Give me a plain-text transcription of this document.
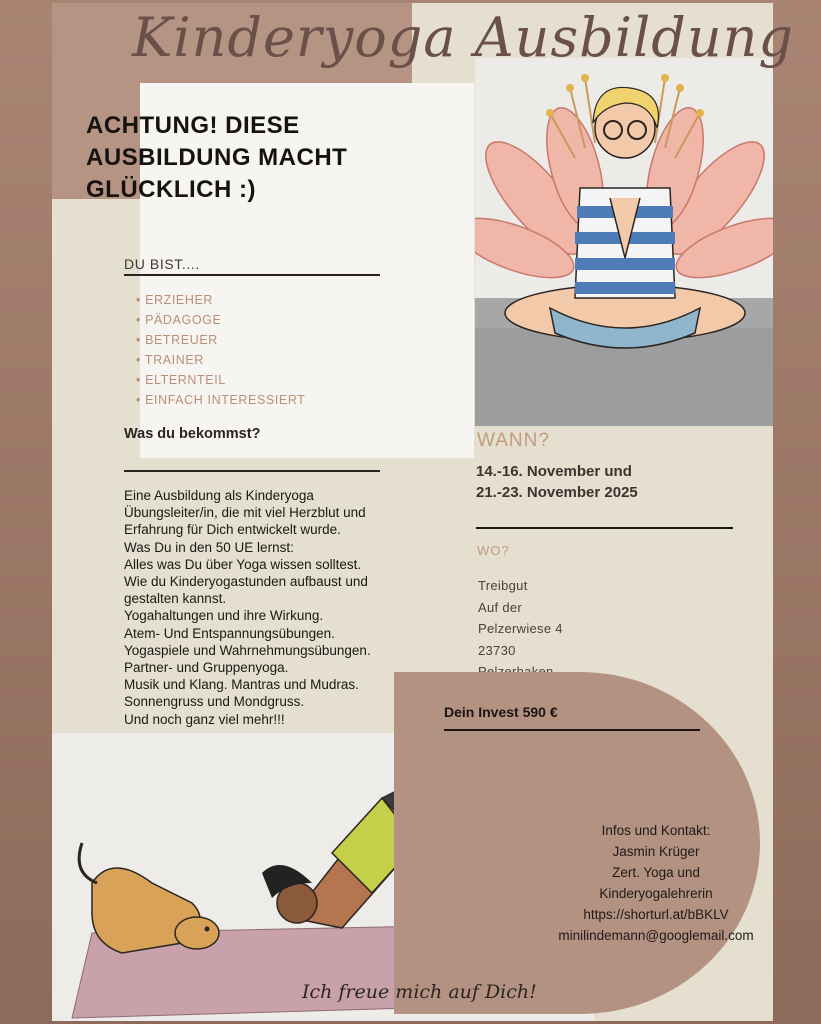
Kinderyoga Ausbildung
ACHTUNG! DIESE AUSBILDUNG MACHT GLÜCKLICH :)
DU BIST....
• ERZIEHER
• PÄDAGOGE
• BETREUER
• TRAINER
• ELTERNTEIL
• EINFACH INTERESSIERT
Was du bekommst?
Eine Ausbildung als Kinderyoga
Übungsleiter/in, die mit viel Herzblut und
Erfahrung für Dich entwickelt wurde.
Was Du in den 50 UE lernst:
Alles was Du über Yoga wissen solltest.
Wie du Kinderyogastunden aufbaust und
gestalten kannst.
Yogahaltungen und ihre Wirkung.
Atem- Und Entspannungsübungen.
Yogaspiele und Wahrnehmungsübungen.
Partner- und Gruppenyoga.
Musik und Klang. Mantras und Mudras.
Sonnengruss und Mondgruss.
Und noch ganz viel mehr!!!
WANN?
14.-16. November und
21.-23. November 2025
WO?
Treibgut
Auf der
Pelzerwiese 4
23730
Dein Invest 590 €
Infos und Kontakt:
Jasmin Krüger
Zert. Yoga und
Kinderyogalehrerin
https://shorturl.at/bBKLV
minilindemann@googlemail.com
Ich freue mich auf Dich!
